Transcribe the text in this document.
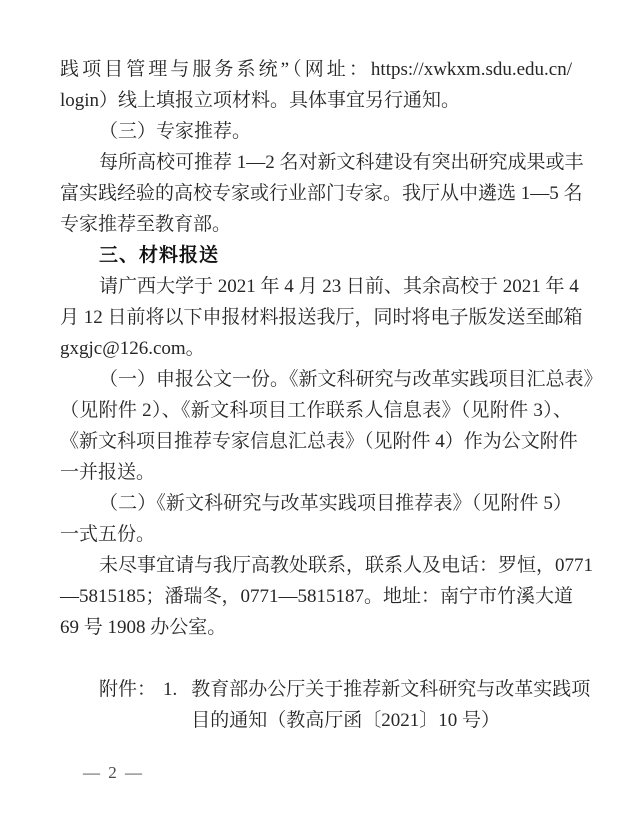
践项目管理与服务系统”（网址：https://xwkxm.sdu.edu.cn/
login）线上填报立项材料。具体事宜另行通知。
（三）专家推荐。
每所高校可推荐 1—2 名对新文科建设有突出研究成果或丰
富实践经验的高校专家或行业部门专家。我厅从中遴选 1—5 名
专家推荐至教育部。
三、材料报送
请广西大学于 2021 年 4 月 23 日前、其余高校于 2021 年 4
月 12 日前将以下申报材料报送我厅，同时将电子版发送至邮箱
gxgjc@126.com。
（一）申报公文一份。《新文科研究与改革实践项目汇总表》
（见附件 2）、《新文科项目工作联系人信息表》（见附件 3）、
《新文科项目推荐专家信息汇总表》（见附件 4）作为公文附件
一并报送。
（二）《新文科研究与改革实践项目推荐表》（见附件 5）
一式五份。
未尽事宜请与我厅高教处联系，联系人及电话：罗恒，0771
—5815185；潘瑞冬，0771—5815187。地址：南宁市竹溪大道
69 号 1908 办公室。
附件： 1. 教育部办公厅关于推荐新文科研究与改革实践项
目的通知（教高厅函〔2021〕10 号）
— 2 —
